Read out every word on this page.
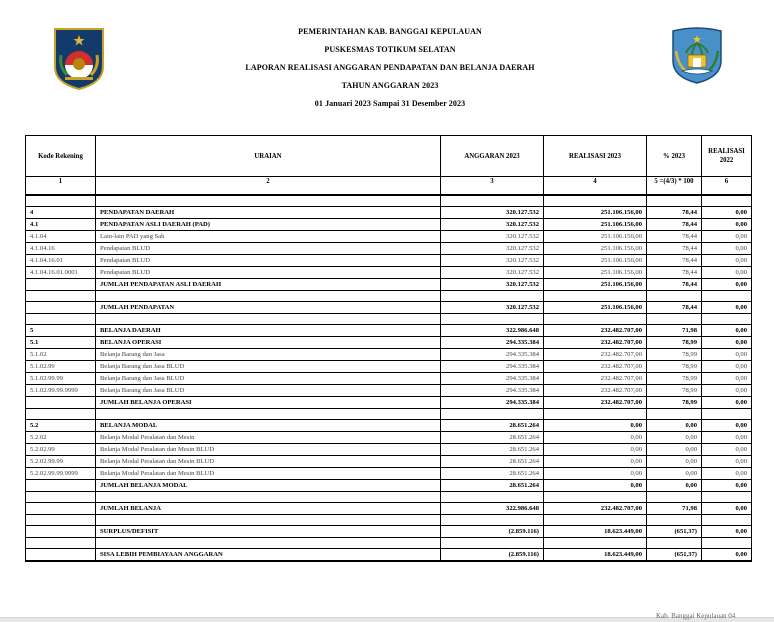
PEMERINTAHAN KAB. BANGGAI KEPULAUAN
PUSKESMAS TOTIKUM SELATAN
LAPORAN REALISASI ANGGARAN PENDAPATAN DAN BELANJA DAERAH
TAHUN ANGGARAN 2023
01 Januari 2023 Sampai 31 Desember 2023
Kode Rekening	URAIAN	ANGGARAN 2023	REALISASI 2023	% 2023	REALISASI 2022
1	2	3	4	5 =(4/3) * 100	6

4	PENDAPATAN DAERAH	320.127.532	251.106.156,00	78,44	0,00
4.1	PENDAPATAN ASLI DAERAH (PAD)	320.127.532	251.106.156,00	78,44	0,00
4.1.04	Lain-lain PAD yang Sah	320.127.532	251.106.156,00	78,44	0,00
4.1.04.16	Pendapatan BLUD	320.127.532	251.106.156,00	78,44	0,00
4.1.04.16.01	Pendapatan BLUD	320.127.532	251.106.156,00	78,44	0,00
4.1.04.16.01.0001	Pendapatan BLUD	320.127.532	251.106.156,00	78,44	0,00
	JUMLAH PENDAPATAN ASLI DAERAH	320.127.532	251.106.156,00	78,44	0,00

	JUMLAH PENDAPATAN	320.127.532	251.106.156,00	78,44	0,00

5	BELANJA DAERAH	322.986.648	232.482.707,00	71,98	0,00
5.1	BELANJA OPERASI	294.335.384	232.482.707,00	78,99	0,00
5.1.02	Belanja Barang dan Jasa	294.335.384	232.482.707,00	78,99	0,00
5.1.02.99	Belanja Barang dan Jasa BLUD	294.335.384	232.482.707,00	78,99	0,00
5.1.02.99.99	Belanja Barang dan Jasa BLUD	294.335.384	232.482.707,00	78,99	0,00
5.1.02.99.99.9999	Belanja Barang dan Jasa BLUD	294.335.384	232.482.707,00	78,99	0,00
	JUMLAH BELANJA OPERASI	294.335.384	232.482.707,00	78,99	0,00

5.2	BELANJA MODAL	28.651.264	0,00	0,00	0,00
5.2.02	Belanja Modal Peralatan dan Mesin	28.651.264	0,00	0,00	0,00
5.2.02.99	Belanja Modal Peralatan dan Mesin BLUD	28.651.264	0,00	0,00	0,00
5.2.02.99.99	Belanja Modal Peralatan dan Mesin BLUD	28.651.264	0,00	0,00	0,00
5.2.02.99.99.9999	Belanja Modal Peralatan dan Mesin BLUD	28.651.264	0,00	0,00	0,00
	JUMLAH BELANJA MODAL	28.651.264	0,00	0,00	0,00

	JUMLAH BELANJA	322.986.648	232.482.707,00	71,98	0,00

	SURPLUS/DEFISIT	(2.859.116)	18.623.449,00	(651,37)	0,00

	SISA LEBIH PEMBIAYAAN ANGGARAN	(2.859.116)	18.623.449,00	(651,37)	0,00
Kab. Banggai Kepulauan 04
